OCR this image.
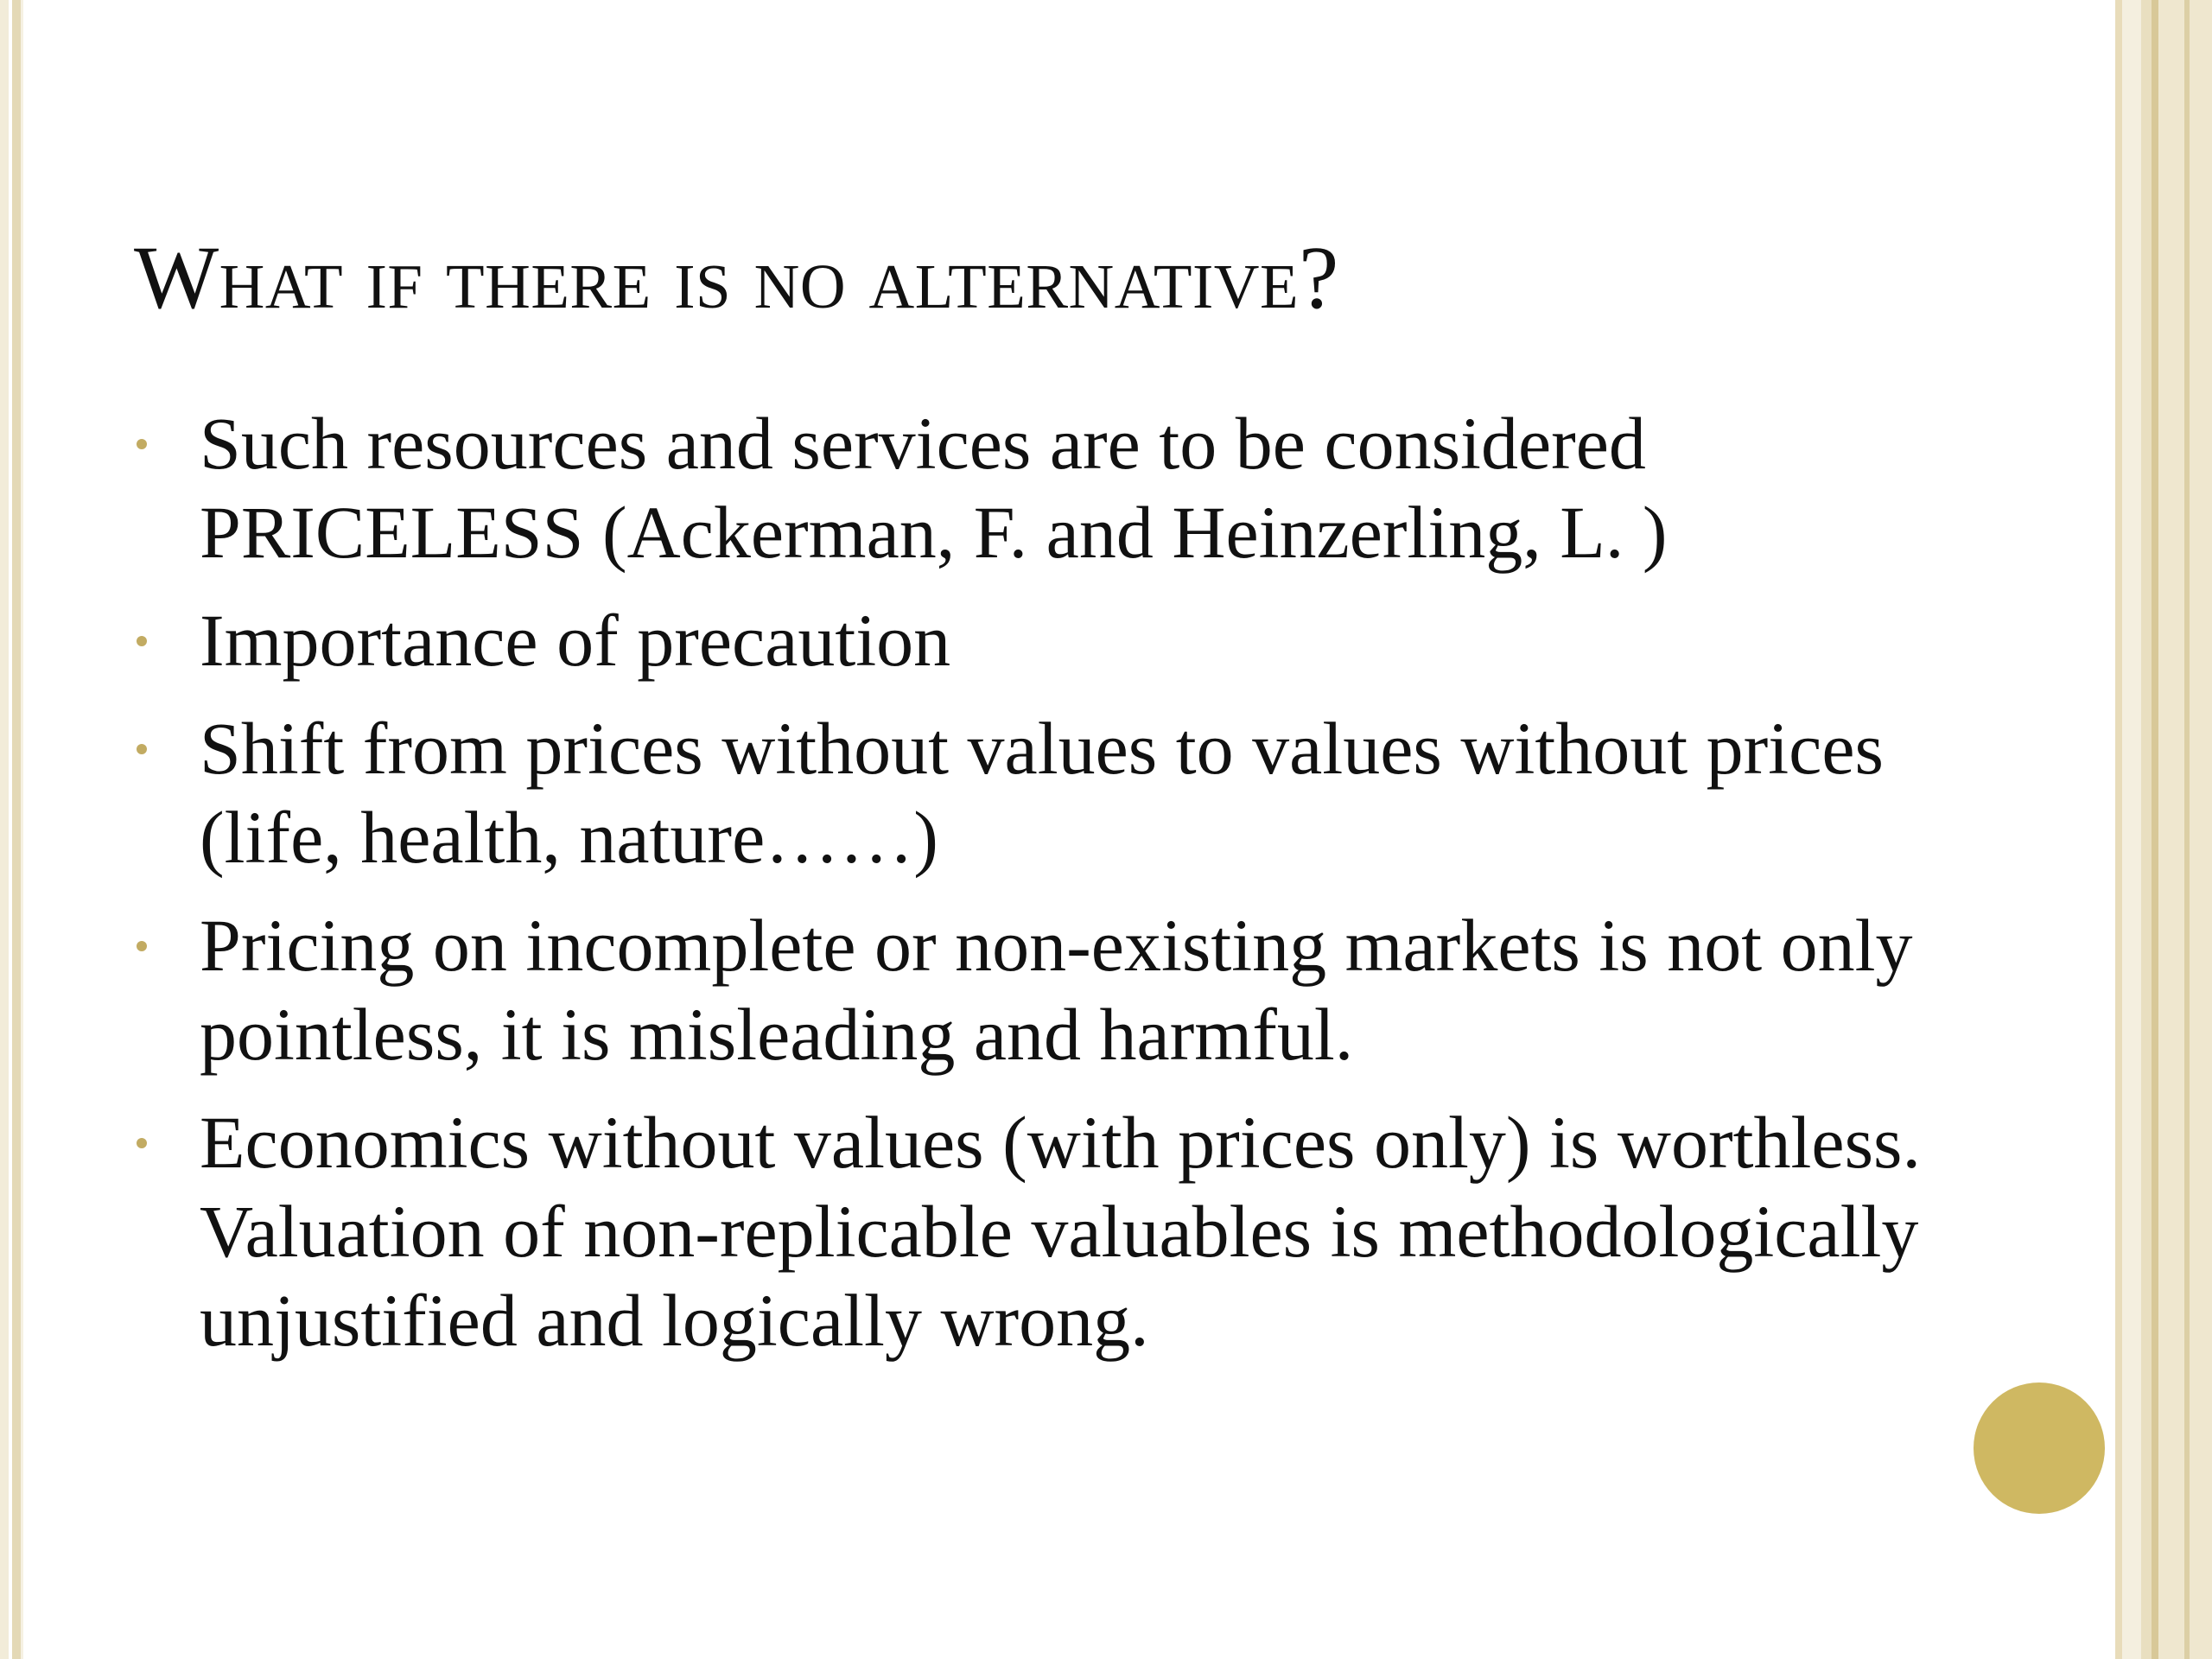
What if there is no alternative?
Such resources and services are to be considered PRICELESS (Ackerman, F. and Heinzerling, L. )
Importance of precaution
Shift from prices without values to values without prices (life, health, nature……)
Pricing on incomplete or non-existing markets is not only pointless, it is misleading and harmful.
Economics without values (with prices only) is worthless. Valuation of non-replicable valuables is methodologically unjustified and logically wrong.
